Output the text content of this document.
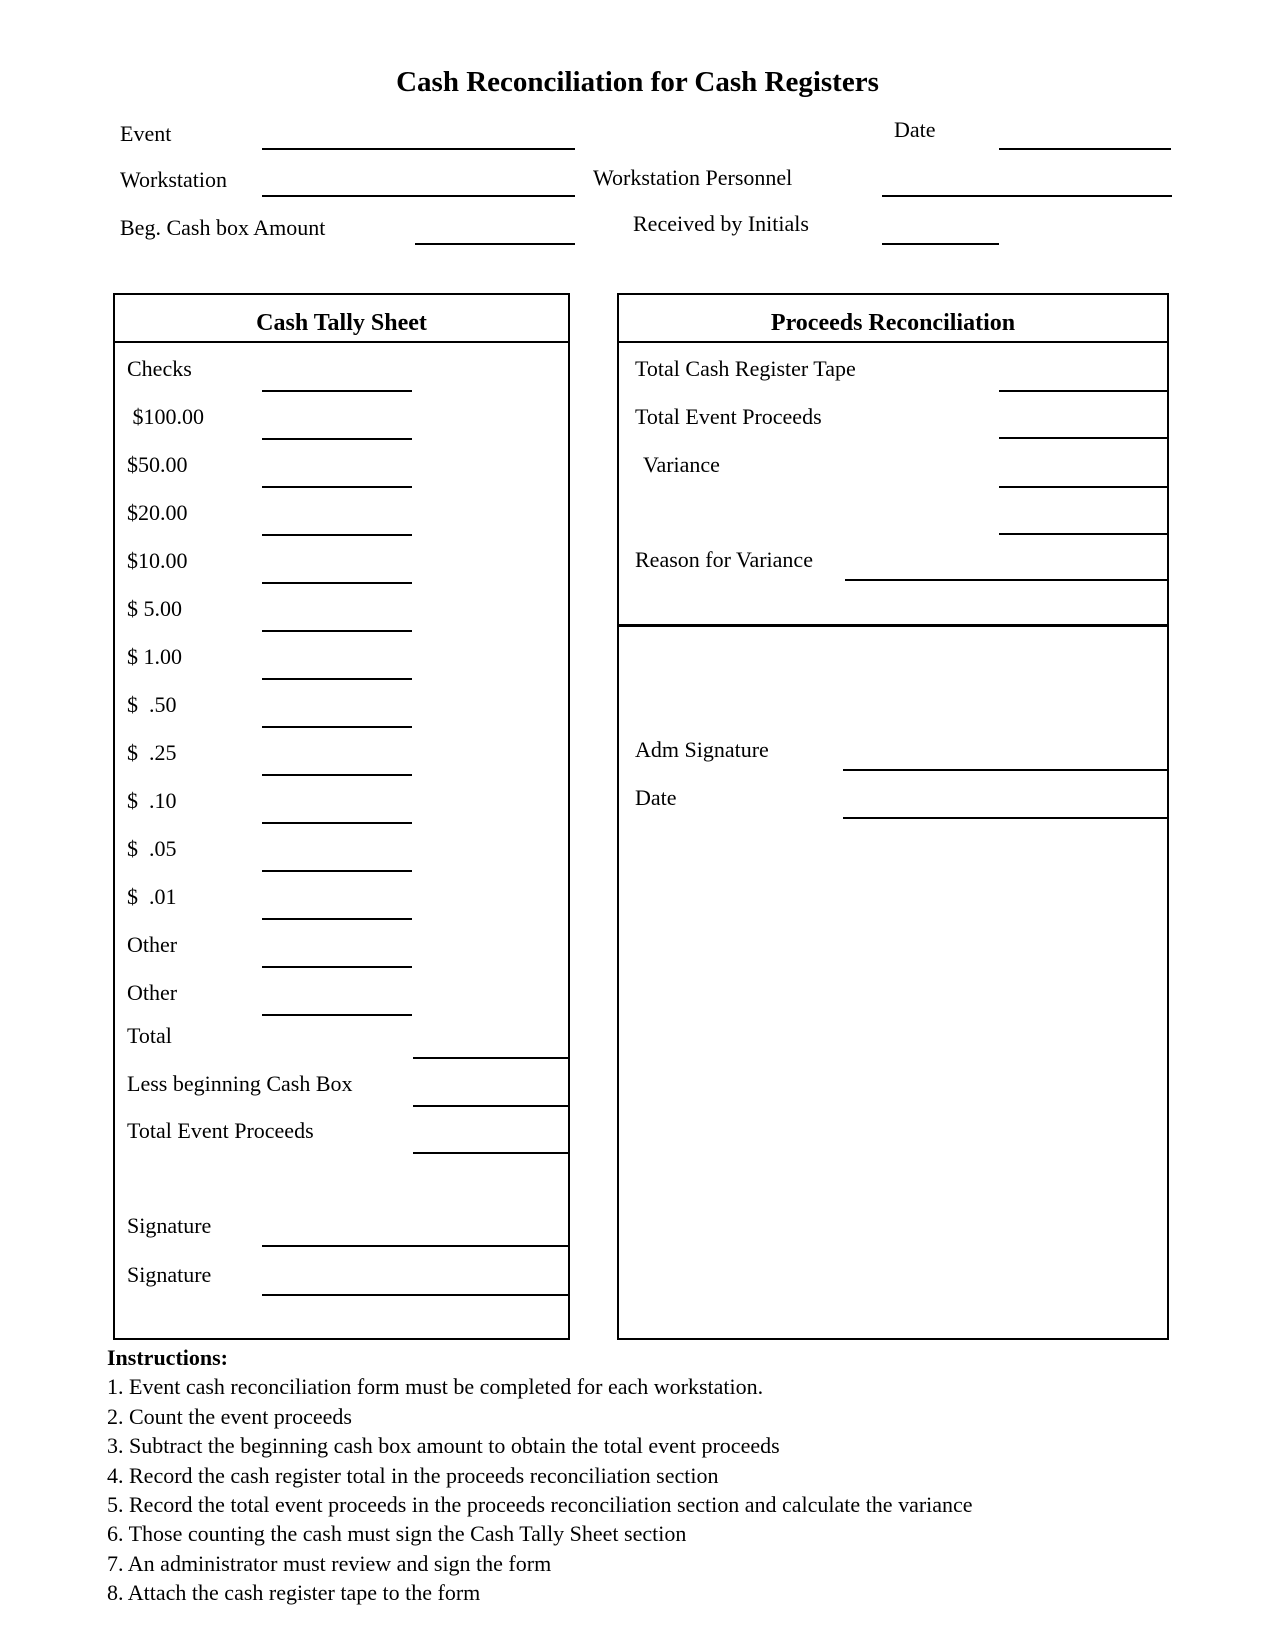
Cash Reconciliation for Cash Registers
Event	Date
Workstation	Workstation Personnel
Beg. Cash box Amount	Received by Initials
Cash Tally Sheet
Checks
$100.00
$50.00
$20.00
$10.00
$ 5.00
$ 1.00
$  .50
$  .25
$  .10
$  .05
$  .01
Other
Other
Total
Less beginning Cash Box
Total Event Proceeds
Signature
Signature
Proceeds Reconciliation
Total Cash Register Tape
Total Event Proceeds
Variance
Reason for Variance
Adm Signature
Date
Instructions:
1. Event cash reconciliation form must be completed for each workstation.
2. Count the event proceeds
3. Subtract the beginning cash box amount to obtain the total event proceeds
4. Record the cash register total in the proceeds reconciliation section
5. Record the total event proceeds in the proceeds reconciliation section and calculate the variance
6. Those counting the cash must sign the Cash Tally Sheet section
7. An administrator must review and sign the form
8. Attach the cash register tape to the form
